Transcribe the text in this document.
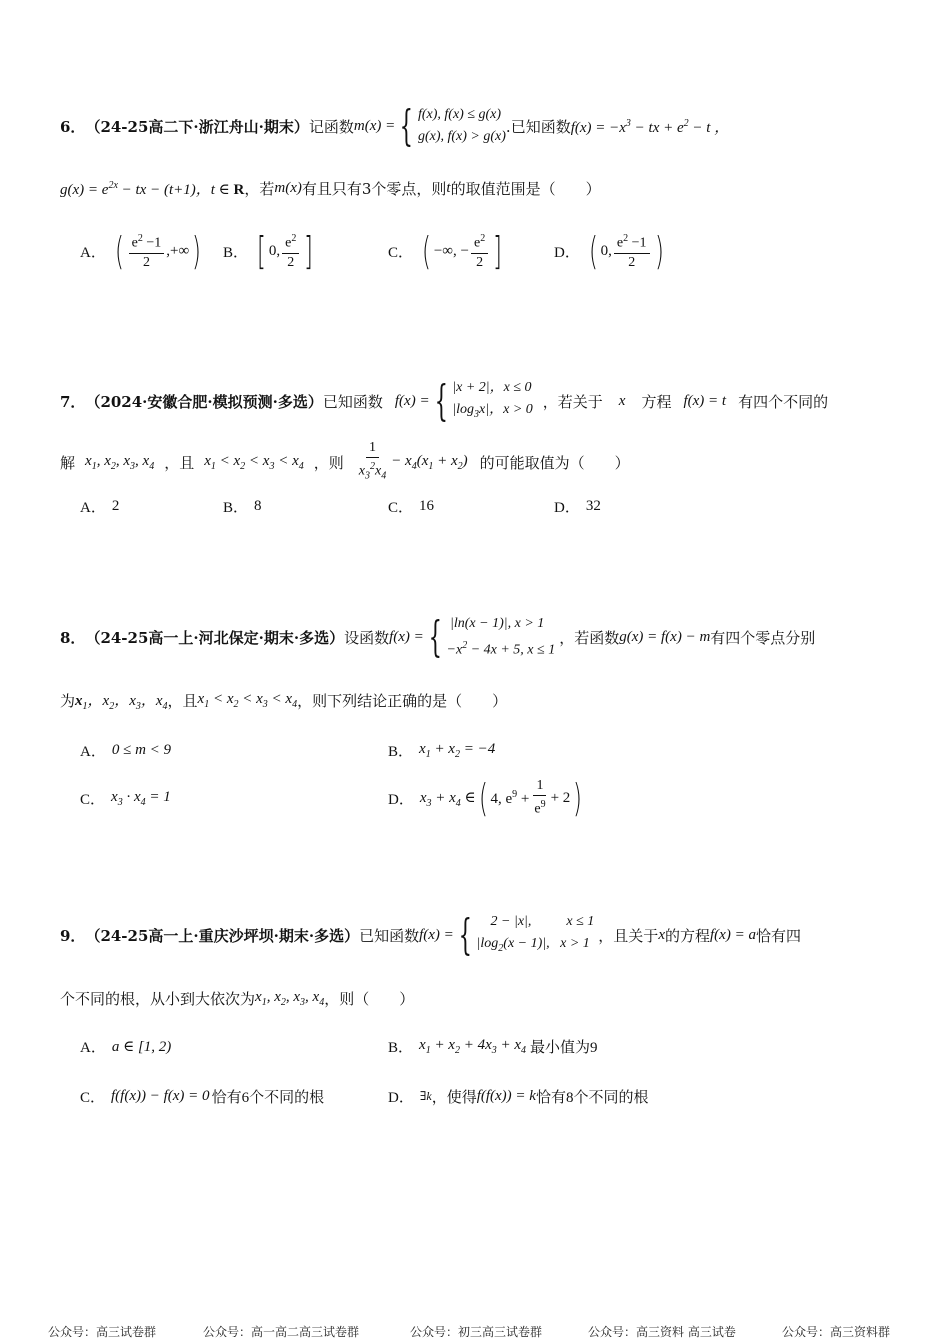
6． （24-25高二下·浙江舟山·期末） 记函数 m(x) = { f(x), f(x) ≤ g(x)
g(x), f(x) > g(x)
.已知函数 $f(x) = -x^3$ − tx + $e^2 - t$ ，
$g(x) = e^{2x}$ − tx − (t+1)，t ∈ R ，若 m(x) 有且只有3个零点，则 t 的取值范围是（　　）
A． ( $\frac{e^2 -1}{2}$ ,+∞ ) B． [ 0, $\frac{e^2}{2}$ ]	C． ( −∞, − $\frac{e^2}{2}$ ]	D． ( 0, $\frac{e^2 -1}{2}$ )
7． （2024·安徽合肥·模拟预测·多选） 已知函数 f(x) = { |x + 2|，x ≤ 0
$|\log_3x|$，x > 0 ，若关于 x 方程 f(x) = t 有四个不同的
解 $x_1$, $x_2$, $x_3$, $x_4$ ，且 $x_1 < x_2 < x_3 < x_4$ ，则 $\frac{1}{x_3^2x_4} - x_4(x_1 + x_2)$ 的可能取值为（　　）
A． 2	B． 8	C． 16	D． 32
8． （24-25高一上·河北保定·期末·多选） 设函数 f(x) = { |ln(x − 1)|, x > 1
$-x^2 - 4x + 5$, x ≤ 1
，若函数 g(x) = f(x) − m 有四个零点分别
为 $x_1$，$x_2$，$x_3$，$x_4$ ，且 $x_1 < x_2 < x_3 < x_4$ ，则下列结论正确的是（　　）
A． 0 ≤ m < 9	B． $x_1 + x_2 = -4$
C． $x_3 \cdot x_4 = 1$	D． $x_3 + x_4$ ∈ ( 4, $e^9 + \frac{1}{e^9} + 2$ )
9． （24-25高一上·重庆沙坪坝·期末·多选） 已知函数 f(x) = { 2 − |x|,          x ≤ 1
$|\log_2(x - 1)|$,   x > 1 ，且关于 x 的方程 f(x) = a 恰有四
个不同的根，从小到大依次为 $x_1$, $x_2$, $x_3$, $x_4$ ，则（　　）
A． a ∈ [1, 2)	B． $x_1 + x_2 + 4x_3 + x_4$ 最小值为9
C． f(f(x)) − f(x) = 0 恰有6个不同的根	D． ∃k ，使得 f(f(x)) = k 恰有8个不同的根
公众号：高三试卷群	公众号：高一高二高三试卷群	公众号：初三高三试卷群	公众号：高三资料 高三试卷	公众号：高三资料群
